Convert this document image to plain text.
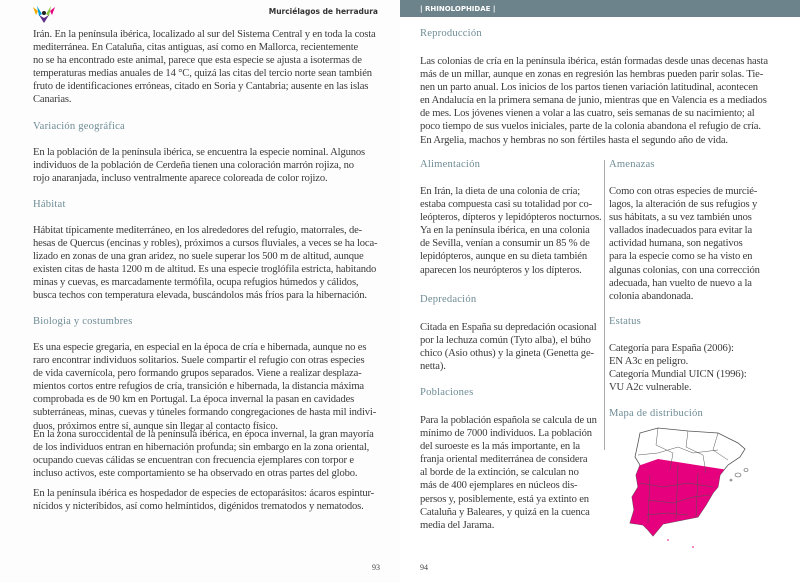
Murciélagos de herradura
Irán. En la península ibérica, localizado al sur del Sistema Central y en toda la costa
mediterránea. En Cataluña, citas antiguas, así como en Mallorca, recientemente
no se ha encontrado este animal, parece que esta especie se ajusta a isotermas de
temperaturas medias anuales de 14 °C, quizá las citas del tercio norte sean también
fruto de identificaciones erróneas, citado en Soria y Cantabria; ausente en las islas
Canarias.
Variación geográfica
En la población de la península ibérica, se encuentra la especie nominal. Algunos
individuos de la población de Cerdeña tienen una coloración marrón rojiza, no
rojo anaranjada, incluso ventralmente aparece coloreada de color rojizo.
Hábitat
Hábitat típicamente mediterráneo, en los alrededores del refugio, matorrales, de-
hesas de Quercus (encinas y robles), próximos a cursos fluviales, a veces se ha loca-
lizado en zonas de una gran aridez, no suele superar los 500 m de altitud, aunque
existen citas de hasta 1200 m de altitud. Es una especie troglófila estricta, habitando
minas y cuevas, es marcadamente termófila, ocupa refugios húmedos y cálidos,
busca techos con temperatura elevada, buscándolos más fríos para la hibernación.
Biologia y costumbres
Es una especie gregaria, en especial en la época de cría e hibernada, aunque no es
raro encontrar individuos solitarios. Suele compartir el refugio con otras especies
de vida cavernícola, pero formando grupos separados. Viene a realizar desplaza-
mientos cortos entre refugios de cría, transición e hibernada, la distancia máxima
comprobada es de 90 km en Portugal. La época invernal la pasan en cavidades
subterráneas, minas, cuevas y túneles formando congregaciones de hasta mil indivi-
duos, próximos entre sí, aunque sin llegar al contacto físico.
En la zona suroccidental de la península ibérica, en época invernal, la gran mayoría
de los individuos entran en hibernación profunda; sin embargo en la zona oriental,
ocupando cuevas cálidas se encuentran con frecuencia ejemplares con torpor e
incluso activos, este comportamiento se ha observado en otras partes del globo.
En la península ibérica es hospedador de especies de ectoparásitos: ácaros espintur-
nícidos y nicteríbidos, así como helmíntidos, digénidos trematodos y nematodos.
93
| RHINOLOPHIDAE |
Reproducción
Las colonias de cría en la península ibérica, están formadas desde unas decenas hasta
más de un millar, aunque en zonas en regresión las hembras pueden parir solas. Tie-
nen un parto anual. Los inicios de los partos tienen variación latitudinal, acontecen
en Andalucía en la primera semana de junio, mientras que en Valencia es a mediados
de mes. Los jóvenes vienen a volar a las cuatro, seis semanas de su nacimiento; al
poco tiempo de sus vuelos iniciales, parte de la colonia abandona el refugio de cría.
En Argelia, machos y hembras no son fértiles hasta el segundo año de vida.
Alimentación
En Irán, la dieta de una colonia de cría;
estaba compuesta casi su totalidad por co-
leópteros, dípteros y lepidópteros nocturnos.
Ya en la península ibérica, en una colonia
de Sevilla, venían a consumir un 85 % de
lepidópteros, aunque en su dieta también
aparecen los neurópteros y los dípteros.
Depredación
Citada en España su depredación ocasional
por la lechuza común (Tyto alba), el búho
chico (Asio othus) y la gineta (Genetta ge-
netta).
Poblaciones
Para la población española se calcula de un
mínimo de 7000 individuos. La población
del suroeste es la más importante, en la
franja oriental mediterránea de considera
al borde de la extinción, se calculan no
más de 400 ejemplares en núcleos dis-
persos y, posiblemente, está ya extinto en
Cataluña y Baleares, y quizá en la cuenca
media del Jarama.
Amenazas
Como con otras especies de murcié-
lagos, la alteración de sus refugios y
sus hábitats, a su vez también unos
vallados inadecuados para evitar la
actividad humana, son negativos
para la especie como se ha visto en
algunas colonias, con una corrección
adecuada, han vuelto de nuevo a la
colonia abandonada.
Estatus
Categoría para España (2006):
EN A3c en peligro.
Categoría Mundial UICN (1996):
VU A2c vulnerable.
Mapa de distribución
94
